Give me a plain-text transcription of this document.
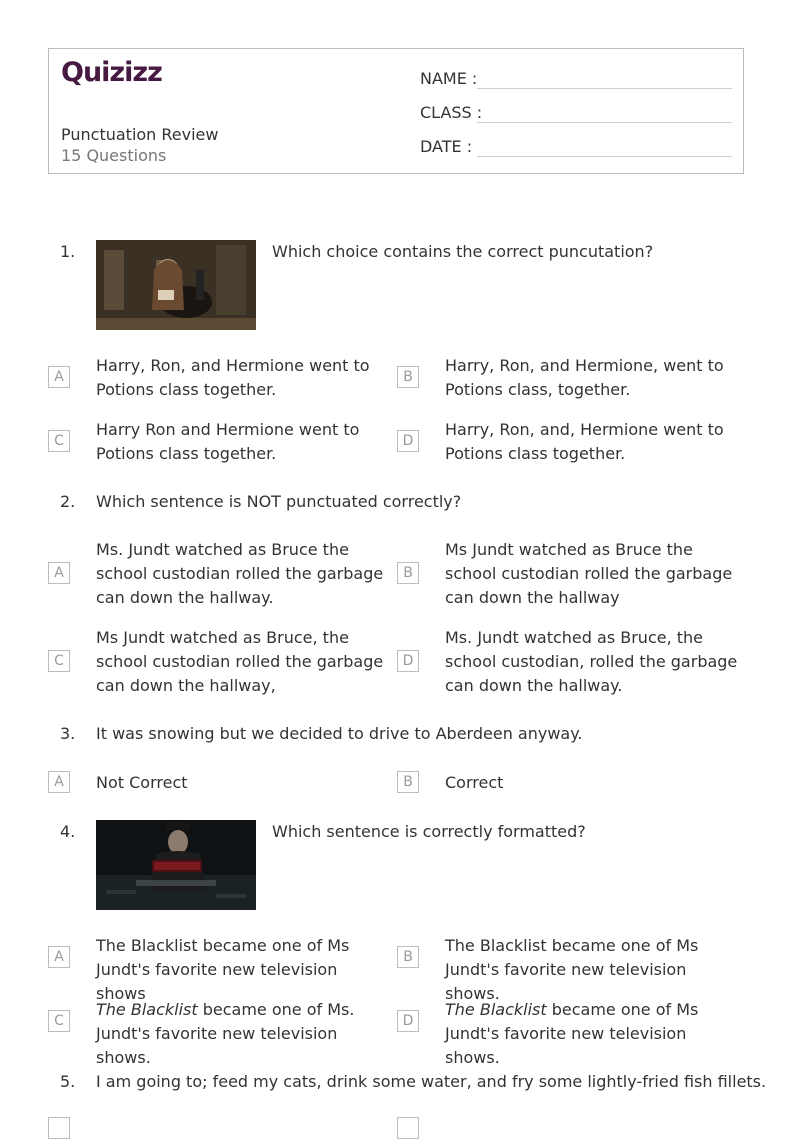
Quizizz
Punctuation Review
15 Questions
NAME :
CLASS :
DATE :
1.	Which choice contains the correct puncutation?
A
Harry, Ron, and Hermione went to Potions class together.
B
Harry, Ron, and Hermione, went to Potions class, together.
C
Harry Ron and Hermione went to Potions class together.
D
Harry, Ron, and, Hermione went to Potions class together.
2. Which sentence is NOT punctuated correctly?
A
Ms. Jundt watched as Bruce the school custodian rolled the garbage can down the hallway.
B
Ms Jundt watched as Bruce the school custodian rolled the garbage can down the hallway
C
Ms Jundt watched as Bruce, the school custodian rolled the garbage can down the hallway,
D
Ms. Jundt watched as Bruce, the school custodian, rolled the garbage can down the hallway.
3. It was snowing but we decided to drive to Aberdeen anyway.
A	Not Correct	B	Correct
4.	Which sentence is correctly formatted?
A
The Blacklist became one of Ms Jundt's favorite new television shows
B
The Blacklist became one of Ms Jundt's favorite new television shows.
C
The Blacklist became one of Ms. Jundt's favorite new television shows.
D
The Blacklist became one of Ms Jundt's favorite new television shows.
5. I am going to; feed my cats, drink some water, and fry some lightly-fried fish fillets.
